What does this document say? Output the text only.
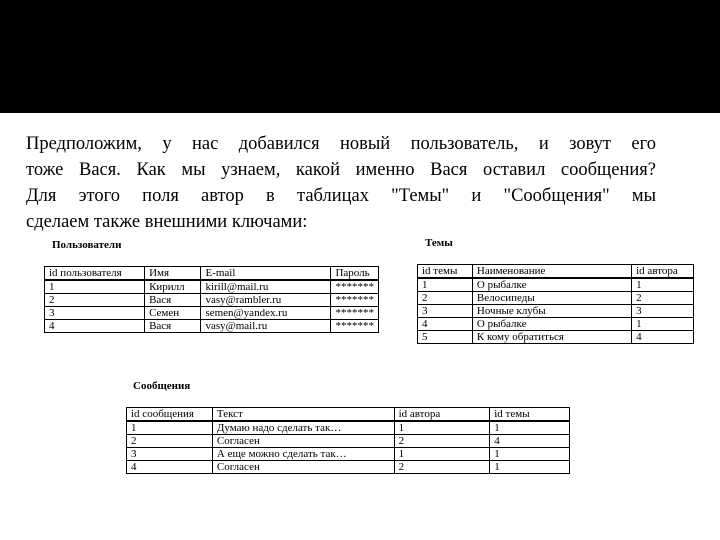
Предположим, у нас добавился новый пользователь, и зовут его
тоже Вася. Как мы узнаем, какой именно Вася оставил сообщения?
Для этого поля автор в таблицах "Темы" и "Сообщения" мы
сделаем также внешними ключами:
Пользователи
id пользователя	Имя	E-mail	Пароль
1	Кирилл	kirill@mail.ru	*******
2	Вася	vasy@rambler.ru	*******
3	Семен	semen@yandex.ru	*******
4	Вася	vasy@mail.ru	*******
Темы
id темы	Наименование	id автора
1	О рыбалке	1
2	Велосипеды	2
3	Ночные клубы	3
4	О рыбалке	1
5	К кому обратиться	4
Сообщения
id сообщения	Текст	id автора	id темы
1	Думаю надо сделать так…	1	1
2	Согласен	2	4
3	А еще можно сделать так…	1	1
4	Согласен	2	1
